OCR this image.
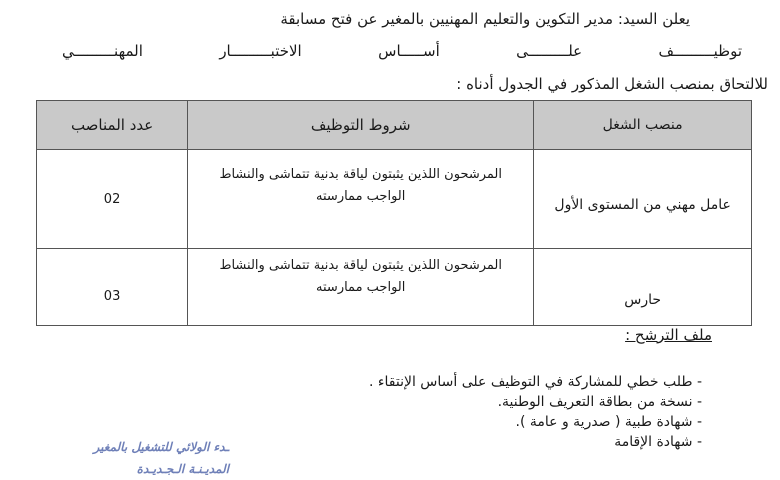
يعلن السيد: مدير التكوين والتعليم المهنيين بالمغير عن فتح مسابقة
توظيـــــــــف
علـــــــــى
أســـــاس
الاختبـــــــــار
المهنـــــــــي
للالتحاق بمنصب الشغل المذكور في الجدول أدناه :
منصب الشغل	شروط التوظيف	عدد المناصب

عامل مهني من المستوى الأول	المرشحون اللذين يثبتون لياقة بدنية تتماشى والنشاط الواجب ممارسته	02

حارس	المرشحون اللذين يثبتون لياقة بدنية تتماشى والنشاط الواجب ممارسته	03
ملف الترشح :
- طلب خطي للمشاركة في التوظيف على أساس الإنتقاء .
- نسخة من بطاقة التعريف الوطنية.
- شهادة طبية ( صدرية و عامة ).
- شهادة الإقامة
ـدء الولائي للتشغيل بالمغير
المديـنـة الـجـديـدة
